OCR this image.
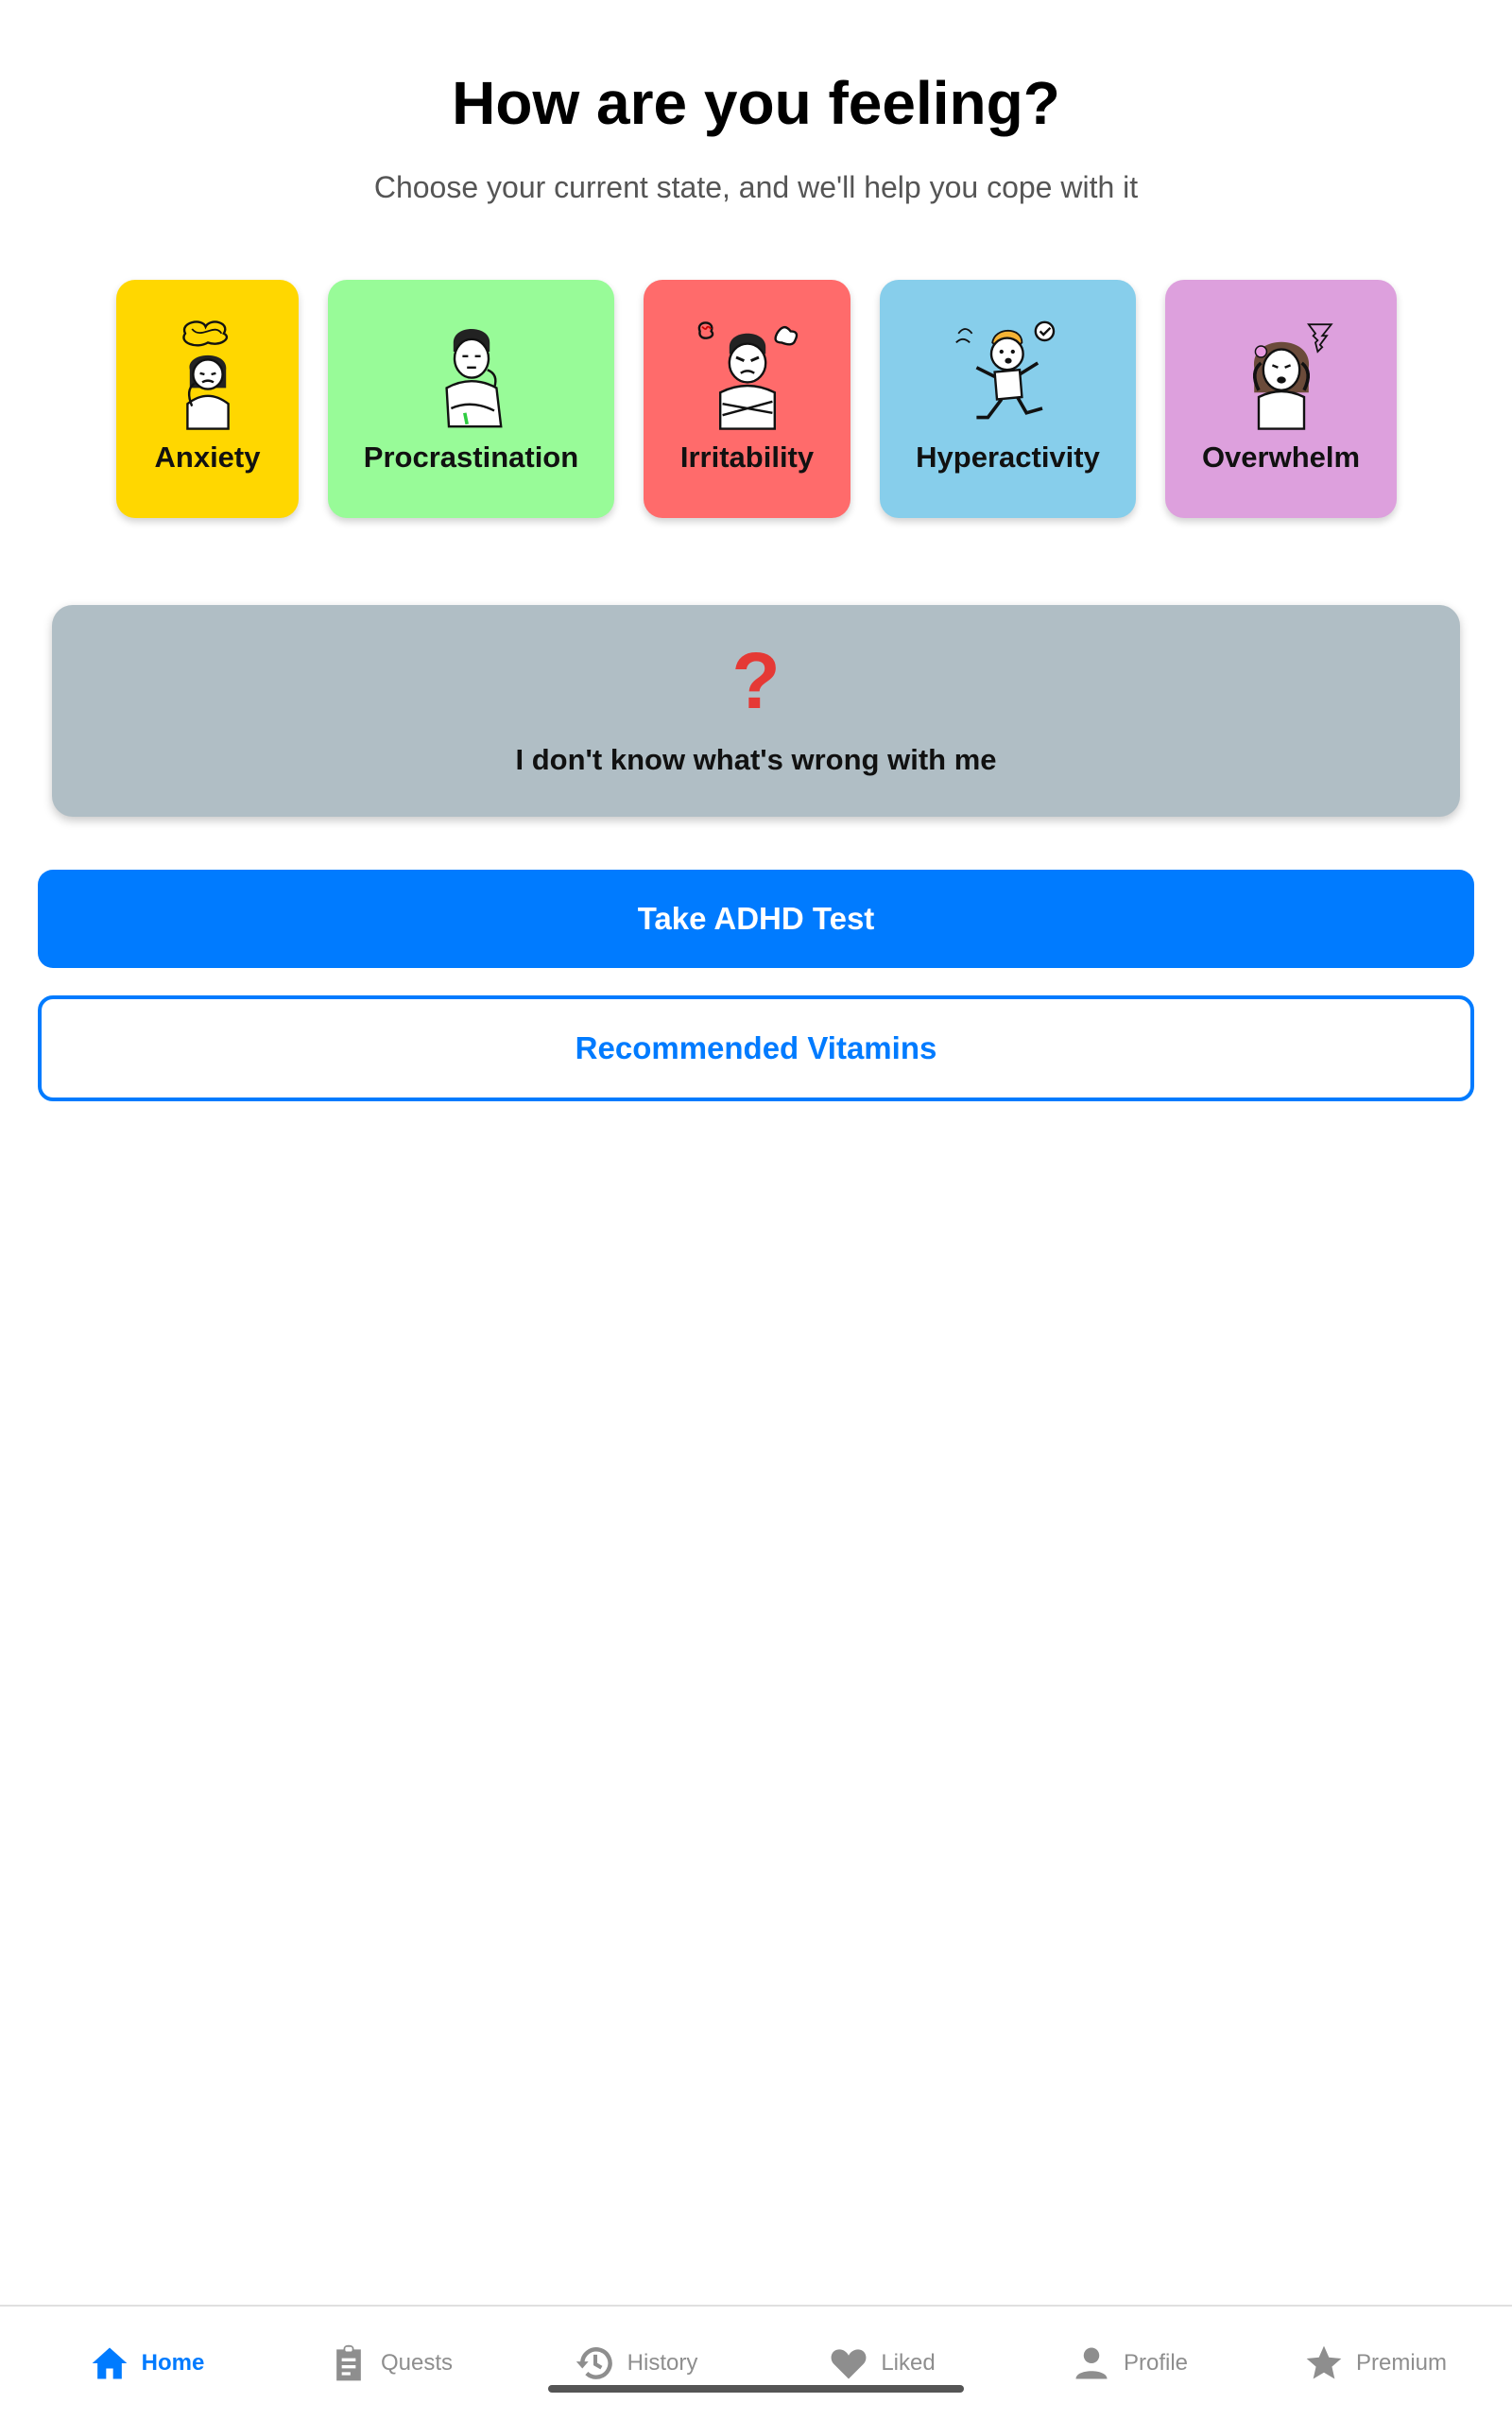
How are you feeling?

Choose your current state, and we'll help you cope with it

Anxiety	Procrastination	Irritability	Hyperactivity	Overwhelm
?
I don't know what's wrong with me
Take ADHD Test
Recommended Vitamins
Home	Quests	History	Liked	Profile	Premium
